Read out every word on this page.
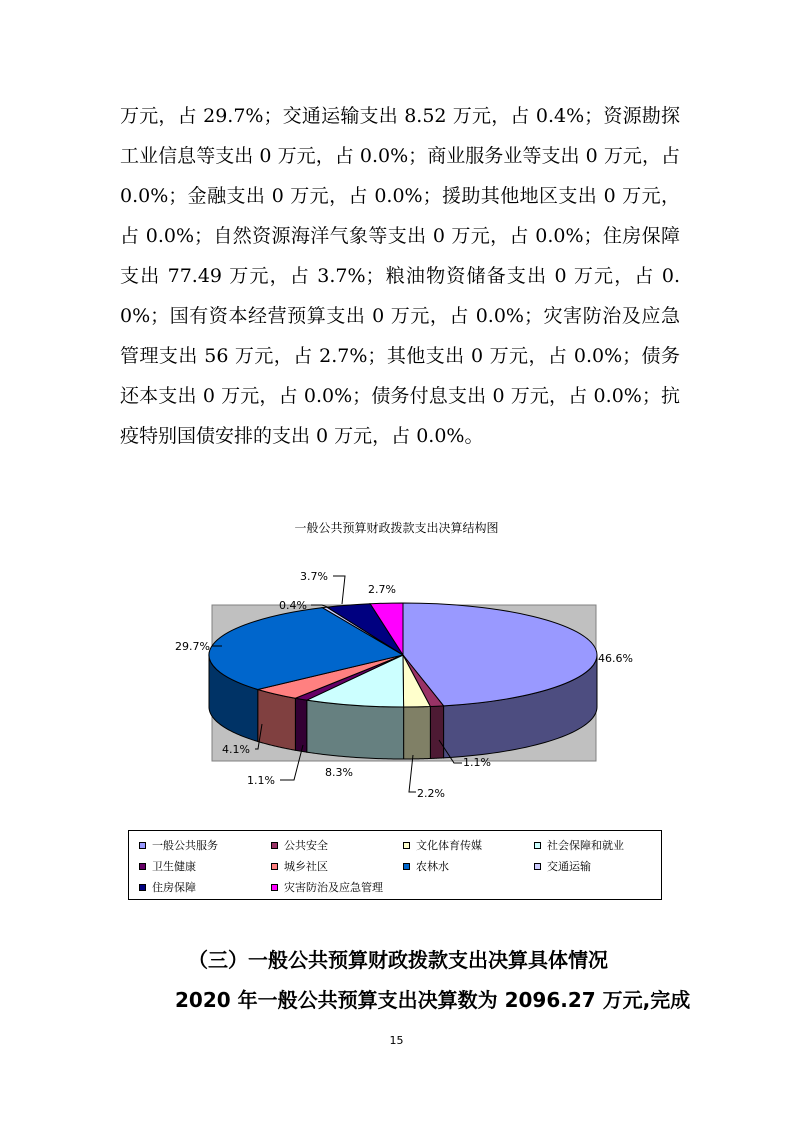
万元，占 29.7%；交通运输支出 8.52 万元，占 0.4%；资源勘探工业信息等支出 0 万元，占 0.0%；商业服务业等支出 0 万元，占 0.0%；金融支出 0 万元，占 0.0%；援助其他地区支出 0 万元，占 0.0%；自然资源海洋气象等支出 0 万元，占 0.0%；住房保障支出 77.49 万元，占 3.7%；粮油物资储备支出 0 万元，占 0.0%；国有资本经营预算支出 0 万元，占 0.0%；灾害防治及应急管理支出 56 万元，占 2.7%；其他支出 0 万元，占 0.0%；债务还本支出 0 万元，占 0.0%；债务付息支出 0 万元，占 0.0%；抗疫特别国债安排的支出 0 万元，占 0.0%。

一般公共预算财政拨款支出决算结构图
46.6%
1.1%
2.2%
8.3%
1.1%
4.1%
29.7%
0.4%
3.7%
2.7%
一般公共服务	公共安全	文化体育传媒	社会保障和就业
卫生健康	城乡社区	农林水	交通运输
住房保障	灾害防治及应急管理
（三）一般公共预算财政拨款支出决算具体情况
2020 年一般公共预算支出决算数为 2096.27 万元,完成
15
